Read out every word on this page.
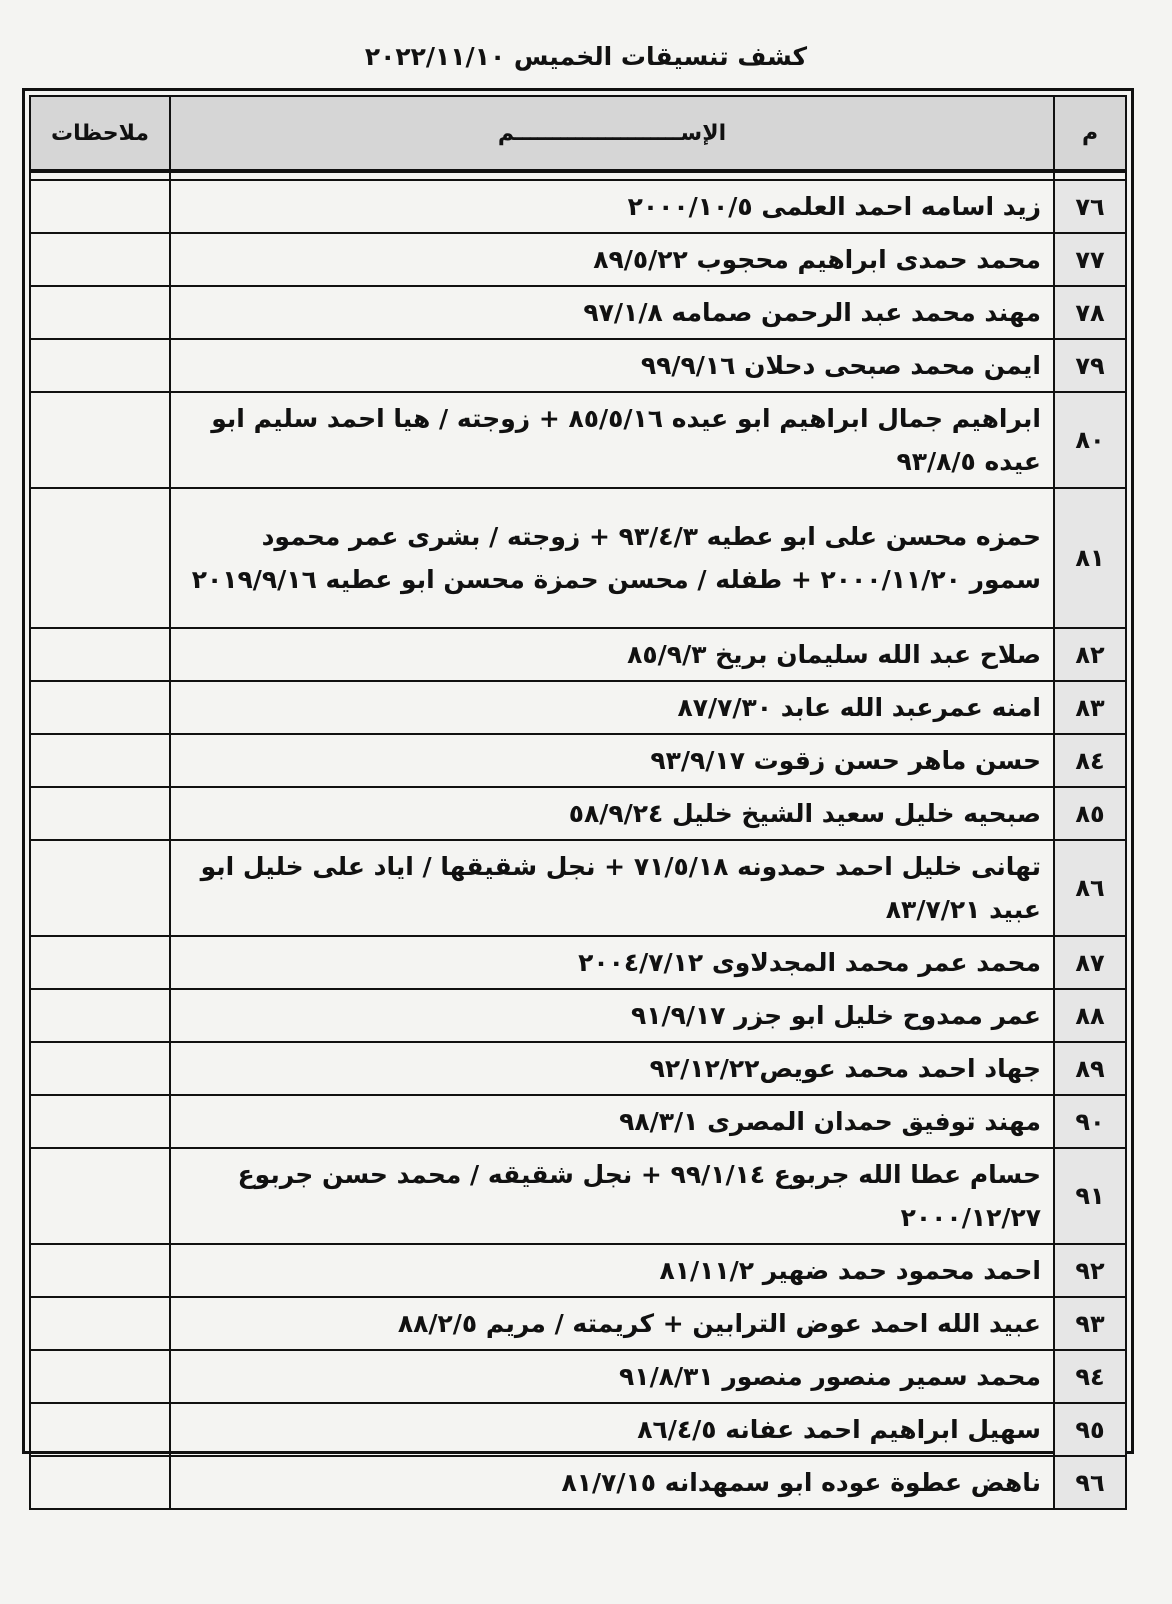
كشف تنسيقات الخميس ٢٠٢٢/١١/١٠
م	الإســــــــــــــــــــــم	ملاحظات

٧٦	زيد اسامه احمد العلمى ٢٠٠٠/١٠/٥	
٧٧	محمد حمدى ابراهيم محجوب ٨٩/٥/٢٢	
٧٨	مهند محمد عبد الرحمن صمامه ٩٧/١/٨	
٧٩	ايمن محمد صبحى دحلان ٩٩/٩/١٦	
٨٠	ابراهيم جمال ابراهيم ابو عيده ٨٥/٥/١٦ + زوجته / هيا احمد سليم ابو عيده ٩٣/٨/٥	
٨١	حمزه محسن على ابو عطيه ٩٣/٤/٣ + زوجته / بشرى عمر محمود سمور ٢٠٠٠/١١/٢٠ + طفله / محسن حمزة محسن ابو عطيه ٢٠١٩/٩/١٦	
٨٢	صلاح عبد الله سليمان بريخ ٨٥/٩/٣	
٨٣	امنه عمرعبد الله عابد ٨٧/٧/٣٠	
٨٤	حسن ماهر حسن زقوت ٩٣/٩/١٧	
٨٥	صبحيه خليل سعيد الشيخ خليل ٥٨/٩/٢٤	
٨٦	تهانى خليل احمد حمدونه ٧١/٥/١٨ + نجل شقيقها / اياد على خليل ابو عبيد ٨٣/٧/٢١	
٨٧	محمد عمر محمد المجدلاوى ٢٠٠٤/٧/١٢	
٨٨	عمر ممدوح خليل ابو جزر ٩١/٩/١٧	
٨٩	جهاد احمد محمد عويص٩٢/١٢/٢٢	
٩٠	مهند توفيق حمدان المصرى ٩٨/٣/١	
٩١	حسام عطا الله جربوع ٩٩/١/١٤ + نجل شقيقه / محمد حسن جربوع ٢٠٠٠/١٢/٢٧	
٩٢	احمد محمود حمد ضهير ٨١/١١/٢	
٩٣	عبيد الله احمد عوض الترابين + كريمته / مريم ٨٨/٢/٥	
٩٤	محمد سمير منصور منصور ٩١/٨/٣١	
٩٥	سهيل ابراهيم احمد عفانه ٨٦/٤/٥	
٩٦	ناهض عطوة عوده ابو سمهدانه ٨١/٧/١٥	
